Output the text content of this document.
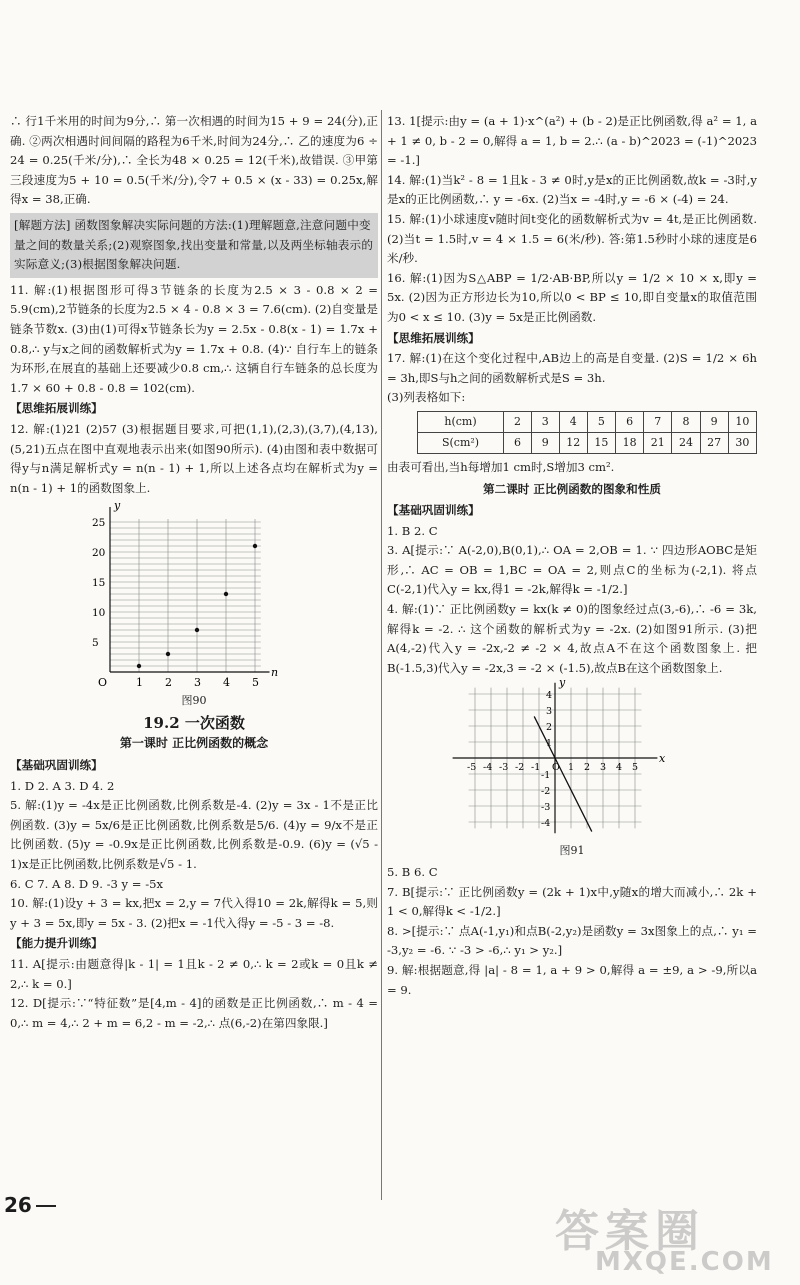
∴ 行1千米用的时间为9分,∴ 第一次相遇的时间为15 + 9 = 24(分),正确. ②两次相遇时间间隔的路程为6千米,时间为24分,∴ 乙的速度为6 ÷ 24 = 0.25(千米/分),∴ 全长为48 × 0.25 = 12(千米),故错误. ③甲第三段速度为5 + 10 = 0.5(千米/分),令7 + 0.5 × (x - 33) = 0.25x,解得x = 38,正确.

[解题方法] 函数图象解决实际问题的方法:(1)理解题意,注意问题中变量之间的数量关系;(2)观察图象,找出变量和常量,以及两坐标轴表示的实际意义;(3)根据图象解决问题.

11. 解:(1)根据图形可得3节链条的长度为2.5 × 3 - 0.8 × 2 = 5.9(cm),2节链条的长度为2.5 × 4 - 0.8 × 3 = 7.6(cm). (2)自变量是链条节数x. (3)由(1)可得x节链条长为y = 2.5x - 0.8(x - 1) = 1.7x + 0.8,∴ y与x之间的函数解析式为y = 1.7x + 0.8. (4)∵ 自行车上的链条为环形,在展直的基础上还要减少0.8 cm,∴ 这辆自行车链条的总长度为1.7 × 60 + 0.8 - 0.8 = 102(cm).

【思维拓展训练】

12. 解:(1)21 (2)57 (3)根据题目要求,可把(1,1),(2,3),(3,7),(4,13),(5,21)五点在图中直观地表示出来(如图90所示). (4)由图和表中数据可得y与n满足解析式y = n(n - 1) + 1,所以上述各点均在解析式为y = n(n - 1) + 1的函数图象上.

n
y
O	1 2 3 4 5
5
10
15
20
25
图90
19.2 一次函数
第一课时 正比例函数的概念
【基础巩固训练】

1. D 2. A 3. D 4. 2

5. 解:(1)y = -4x是正比例函数,比例系数是-4. (2)y = 3x - 1不是正比例函数. (3)y = 5x/6是正比例函数,比例系数是5/6. (4)y = 9/x不是正比例函数. (5)y = -0.9x是正比例函数,比例系数是-0.9. (6)y = (√5 - 1)x是正比例函数,比例系数是√5 - 1.

6. C 7. A 8. D 9. -3 y = -5x

10. 解:(1)设y + 3 = kx,把x = 2,y = 7代入得10 = 2k,解得k = 5,则y + 3 = 5x,即y = 5x - 3. (2)把x = -1代入得y = -5 - 3 = -8.

【能力提升训练】

11. A[提示:由题意得|k - 1| = 1且k - 2 ≠ 0,∴ k = 2或k = 0且k ≠ 2,∴ k = 0.]

12. D[提示:∵“特征数”是[4,m - 4]的函数是正比例函数,∴ m - 4 = 0,∴ m = 4,∴ 2 + m = 6,2 - m = -2,∴ 点(6,-2)在第四象限.]

13. 1[提示:由y = (a + 1)·x^(a²) + (b - 2)是正比例函数,得 a² = 1, a + 1 ≠ 0, b - 2 = 0,解得 a = 1, b = 2.∴ (a - b)^2023 = (-1)^2023 = -1.]

14. 解:(1)当k² - 8 = 1且k - 3 ≠ 0时,y是x的正比例函数,故k = -3时,y是x的正比例函数,∴ y = -6x. (2)当x = -4时,y = -6 × (-4) = 24.

15. 解:(1)小球速度v随时间t变化的函数解析式为v = 4t,是正比例函数. (2)当t = 1.5时,v = 4 × 1.5 = 6(米/秒). 答:第1.5秒时小球的速度是6米/秒.

16. 解:(1)因为S△ABP = 1/2·AB·BP,所以y = 1/2 × 10 × x,即y = 5x. (2)因为正方形边长为10,所以0 < BP ≤ 10,即自变量x的取值范围为0 < x ≤ 10. (3)y = 5x是正比例函数.

【思维拓展训练】

17. 解:(1)在这个变化过程中,AB边上的高是自变量. (2)S = 1/2 × 6h = 3h,即S与h之间的函数解析式是S = 3h.

(3)列表格如下:

h(cm)	2	3	4	5	6	7	8	9	10
S(cm²)	6	9	12	15	18	21	24	27	30

由表可看出,当h每增加1 cm时,S增加3 cm².

第二课时 正比例函数的图象和性质
【基础巩固训练】

1. B 2. C

3. A[提示:∵ A(-2,0),B(0,1),∴ OA = 2,OB = 1. ∵ 四边形AOBC是矩形,∴ AC = OB = 1,BC = OA = 2,则点C的坐标为(-2,1). 将点C(-2,1)代入y = kx,得1 = -2k,解得k = -1/2.]

4. 解:(1)∵ 正比例函数y = kx(k ≠ 0)的图象经过点(3,-6),∴ -6 = 3k,解得k = -2. ∴ 这个函数的解析式为y = -2x. (2)如图91所示. (3)把A(4,-2)代入y = -2x,-2 ≠ -2 × 4,故点A不在这个函数图象上. 把B(-1.5,3)代入y = -2x,3 = -2 × (-1.5),故点B在这个函数图象上.

x
y
-5 -4 -3 -2 -1 O 1 2 3 4 5
4
3
2
1
-1
-2
-3
-4
图91

5. B 6. C

7. B[提示:∵ 正比例函数y = (2k + 1)x中,y随x的增大而减小,∴ 2k + 1 < 0,解得k < -1/2.]

8. >[提示:∵ 点A(-1,y₁)和点B(-2,y₂)是函数y = 3x图象上的点,∴ y₁ = -3,y₂ = -6. ∵ -3 > -6,∴ y₁ > y₂.]

9. 解:根据题意,得 |a| - 8 = 1, a + 9 > 0,解得 a = ±9, a > -9,所以a = 9.

26
答案圈
MXQE.COM
